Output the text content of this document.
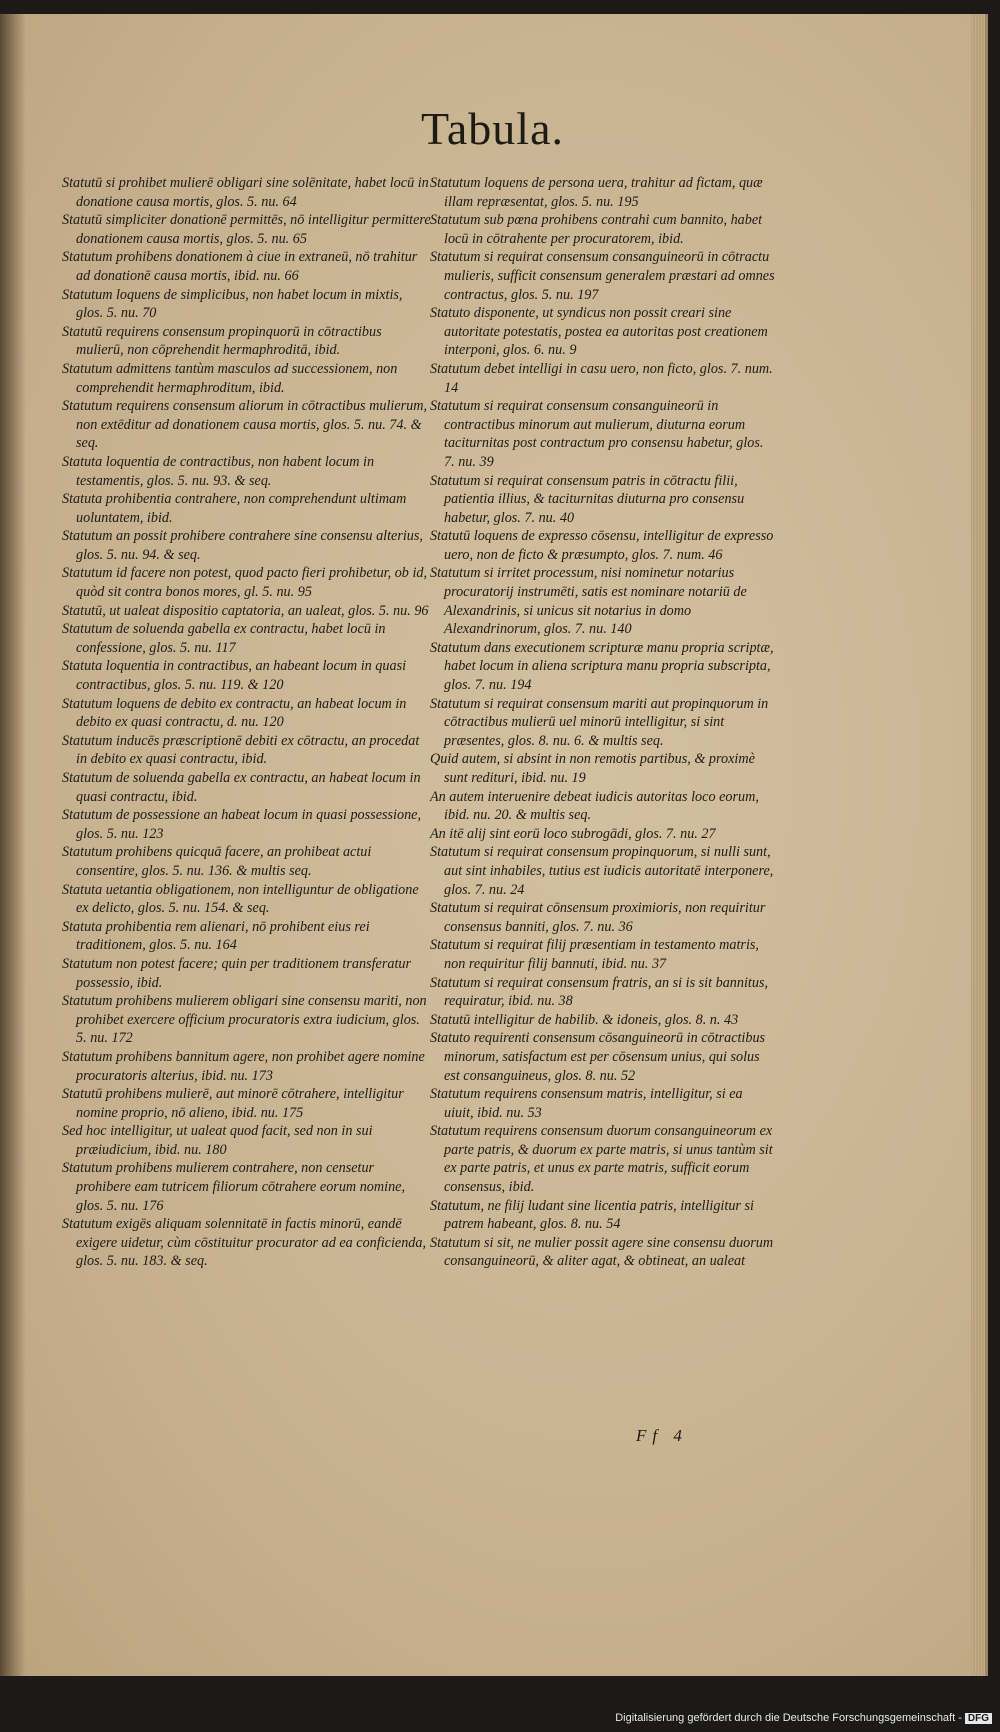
Tabula.

Statutū si prohibet mulierē obligari sine solēnitate, habet locū in donatione causa mortis, glos. 5. nu. 64

Statutū simpliciter donationē permittēs, nō intelligitur permittere donationem causa mortis, glos. 5. nu. 65

Statutum prohibens donationem à ciue in extraneū, nō trahitur ad donationē causa mortis, ibid. nu. 66

Statutum loquens de simplicibus, non habet locum in mixtis, glos. 5. nu. 70

Statutū requirens consensum propinquorū in cōtractibus mulierū, non cōprehendit hermaphroditā, ibid.

Statutum admittens tantùm masculos ad successionem, non comprehendit hermaphroditum, ibid.

Statutum requirens consensum aliorum in cōtractibus mulierum, non extēditur ad donationem causa mortis, glos. 5. nu. 74. & seq.

Statuta loquentia de contractibus, non habent locum in testamentis, glos. 5. nu. 93. & seq.

Statuta prohibentia contrahere, non comprehendunt ultimam uoluntatem, ibid.

Statutum an possit prohibere contrahere sine consensu alterius, glos. 5. nu. 94. & seq.

Statutum id facere non potest, quod pacto fieri prohibetur, ob id, quòd sit contra bonos mores, gl. 5. nu. 95

Statutū, ut ualeat dispositio captatoria, an ualeat, glos. 5. nu. 96

Statutum de soluenda gabella ex contractu, habet locū in confessione, glos. 5. nu. 117

Statuta loquentia in contractibus, an habeant locum in quasi contractibus, glos. 5. nu. 119. & 120

Statutum loquens de debito ex contractu, an habeat locum in debito ex quasi contractu, d. nu. 120

Statutum inducēs præscriptionē debiti ex cōtractu, an procedat in debito ex quasi contractu, ibid.

Statutum de soluenda gabella ex contractu, an habeat locum in quasi contractu, ibid.

Statutum de possessione an habeat locum in quasi possessione, glos. 5. nu. 123

Statutum prohibens quicquā facere, an prohibeat actui consentire, glos. 5. nu. 136. & multis seq.

Statuta uetantia obligationem, non intelliguntur de obligatione ex delicto, glos. 5. nu. 154. & seq.

Statuta prohibentia rem alienari, nō prohibent eius rei traditionem, glos. 5. nu. 164

Statutum non potest facere; quin per traditionem transferatur possessio, ibid.

Statutum prohibens mulierem obligari sine consensu mariti, non prohibet exercere officium procuratoris extra iudicium, glos. 5. nu. 172

Statutum prohibens bannitum agere, non prohibet agere nomine procuratoris alterius, ibid. nu. 173

Statutū prohibens mulierē, aut minorē cōtrahere, intelligitur nomine proprio, nō alieno, ibid. nu. 175

Sed hoc intelligitur, ut ualeat quod facit, sed non in sui præiudicium, ibid. nu. 180

Statutum prohibens mulierem contrahere, non censetur prohibere eam tutricem filiorum cōtrahere eorum nomine, glos. 5. nu. 176

Statutum exigēs aliquam solennitatē in factis minorū, eandē exigere uidetur, cùm cōstituitur procurator ad ea conficienda, glos. 5. nu. 183. & seq.

Statutum loquens de persona uera, trahitur ad fictam, quæ illam repræsentat, glos. 5. nu. 195

Statutum sub pœna prohibens contrahi cum bannito, habet locū in cōtrahente per procuratorem, ibid.

Statutum si requirat consensum consanguineorū in cōtractu mulieris, sufficit consensum generalem præstari ad omnes contractus, glos. 5. nu. 197

Statuto disponente, ut syndicus non possit creari sine autoritate potestatis, postea ea autoritas post creationem interponi, glos. 6. nu. 9

Statutum debet intelligi in casu uero, non ficto, glos. 7. num. 14

Statutum si requirat consensum consanguineorū in contractibus minorum aut mulierum, diuturna eorum taciturnitas post contractum pro consensu habetur, glos. 7. nu. 39

Statutum si requirat consensum patris in cōtractu filii, patientia illius, & taciturnitas diuturna pro consensu habetur, glos. 7. nu. 40

Statutū loquens de expresso cōsensu, intelligitur de expresso uero, non de ficto & præsumpto, glos. 7. num. 46

Statutum si irritet processum, nisi nominetur notarius procuratorij instrumēti, satis est nominare notariū de Alexandrinis, si unicus sit notarius in domo Alexandrinorum, glos. 7. nu. 140

Statutum dans executionem scripturæ manu propria scriptæ, habet locum in aliena scriptura manu propria subscripta, glos. 7. nu. 194

Statutum si requirat consensum mariti aut propinquorum in cōtractibus mulierū uel minorū intelligitur, si sint præsentes, glos. 8. nu. 6. & multis seq.

Quid autem, si absint in non remotis partibus, & proximè sunt redituri, ibid. nu. 19

An autem interuenire debeat iudicis autoritas loco eorum, ibid. nu. 20. & multis seq.

An itē alij sint eorū loco subrogādi, glos. 7. nu. 27

Statutum si requirat consensum propinquorum, si nulli sunt, aut sint inhabiles, tutius est iudicis autoritatē interponere, glos. 7. nu. 24

Statutum si requirat cōnsensum proximioris, non requiritur consensus banniti, glos. 7. nu. 36

Statutum si requirat filij præsentiam in testamento matris, non requiritur filij bannuti, ibid. nu. 37

Statutum si requirat consensum fratris, an si is sit bannitus, requiratur, ibid. nu. 38

Statutū intelligitur de habilib. & idoneis, glos. 8. n. 43

Statuto requirenti consensum cōsanguineorū in cōtractibus minorum, satisfactum est per cōsensum unius, qui solus est consanguineus, glos. 8. nu. 52

Statutum requirens consensum matris, intelligitur, si ea uiuit, ibid. nu. 53

Statutum requirens consensum duorum consanguineorum ex parte patris, & duorum ex parte matris, si unus tantùm sit ex parte patris, et unus ex parte matris, sufficit eorum consensus, ibid.

Statutum, ne filij ludant sine licentia patris, intelligitur si patrem habeant, glos. 8. nu. 54

Statutum si sit, ne mulier possit agere sine consensu duorum consanguineorū, & aliter agat, & obtineat, an ualeat

Ff 4
Digitalisierung gefördert durch die Deutsche Forschungsgemeinschaft - DFG
